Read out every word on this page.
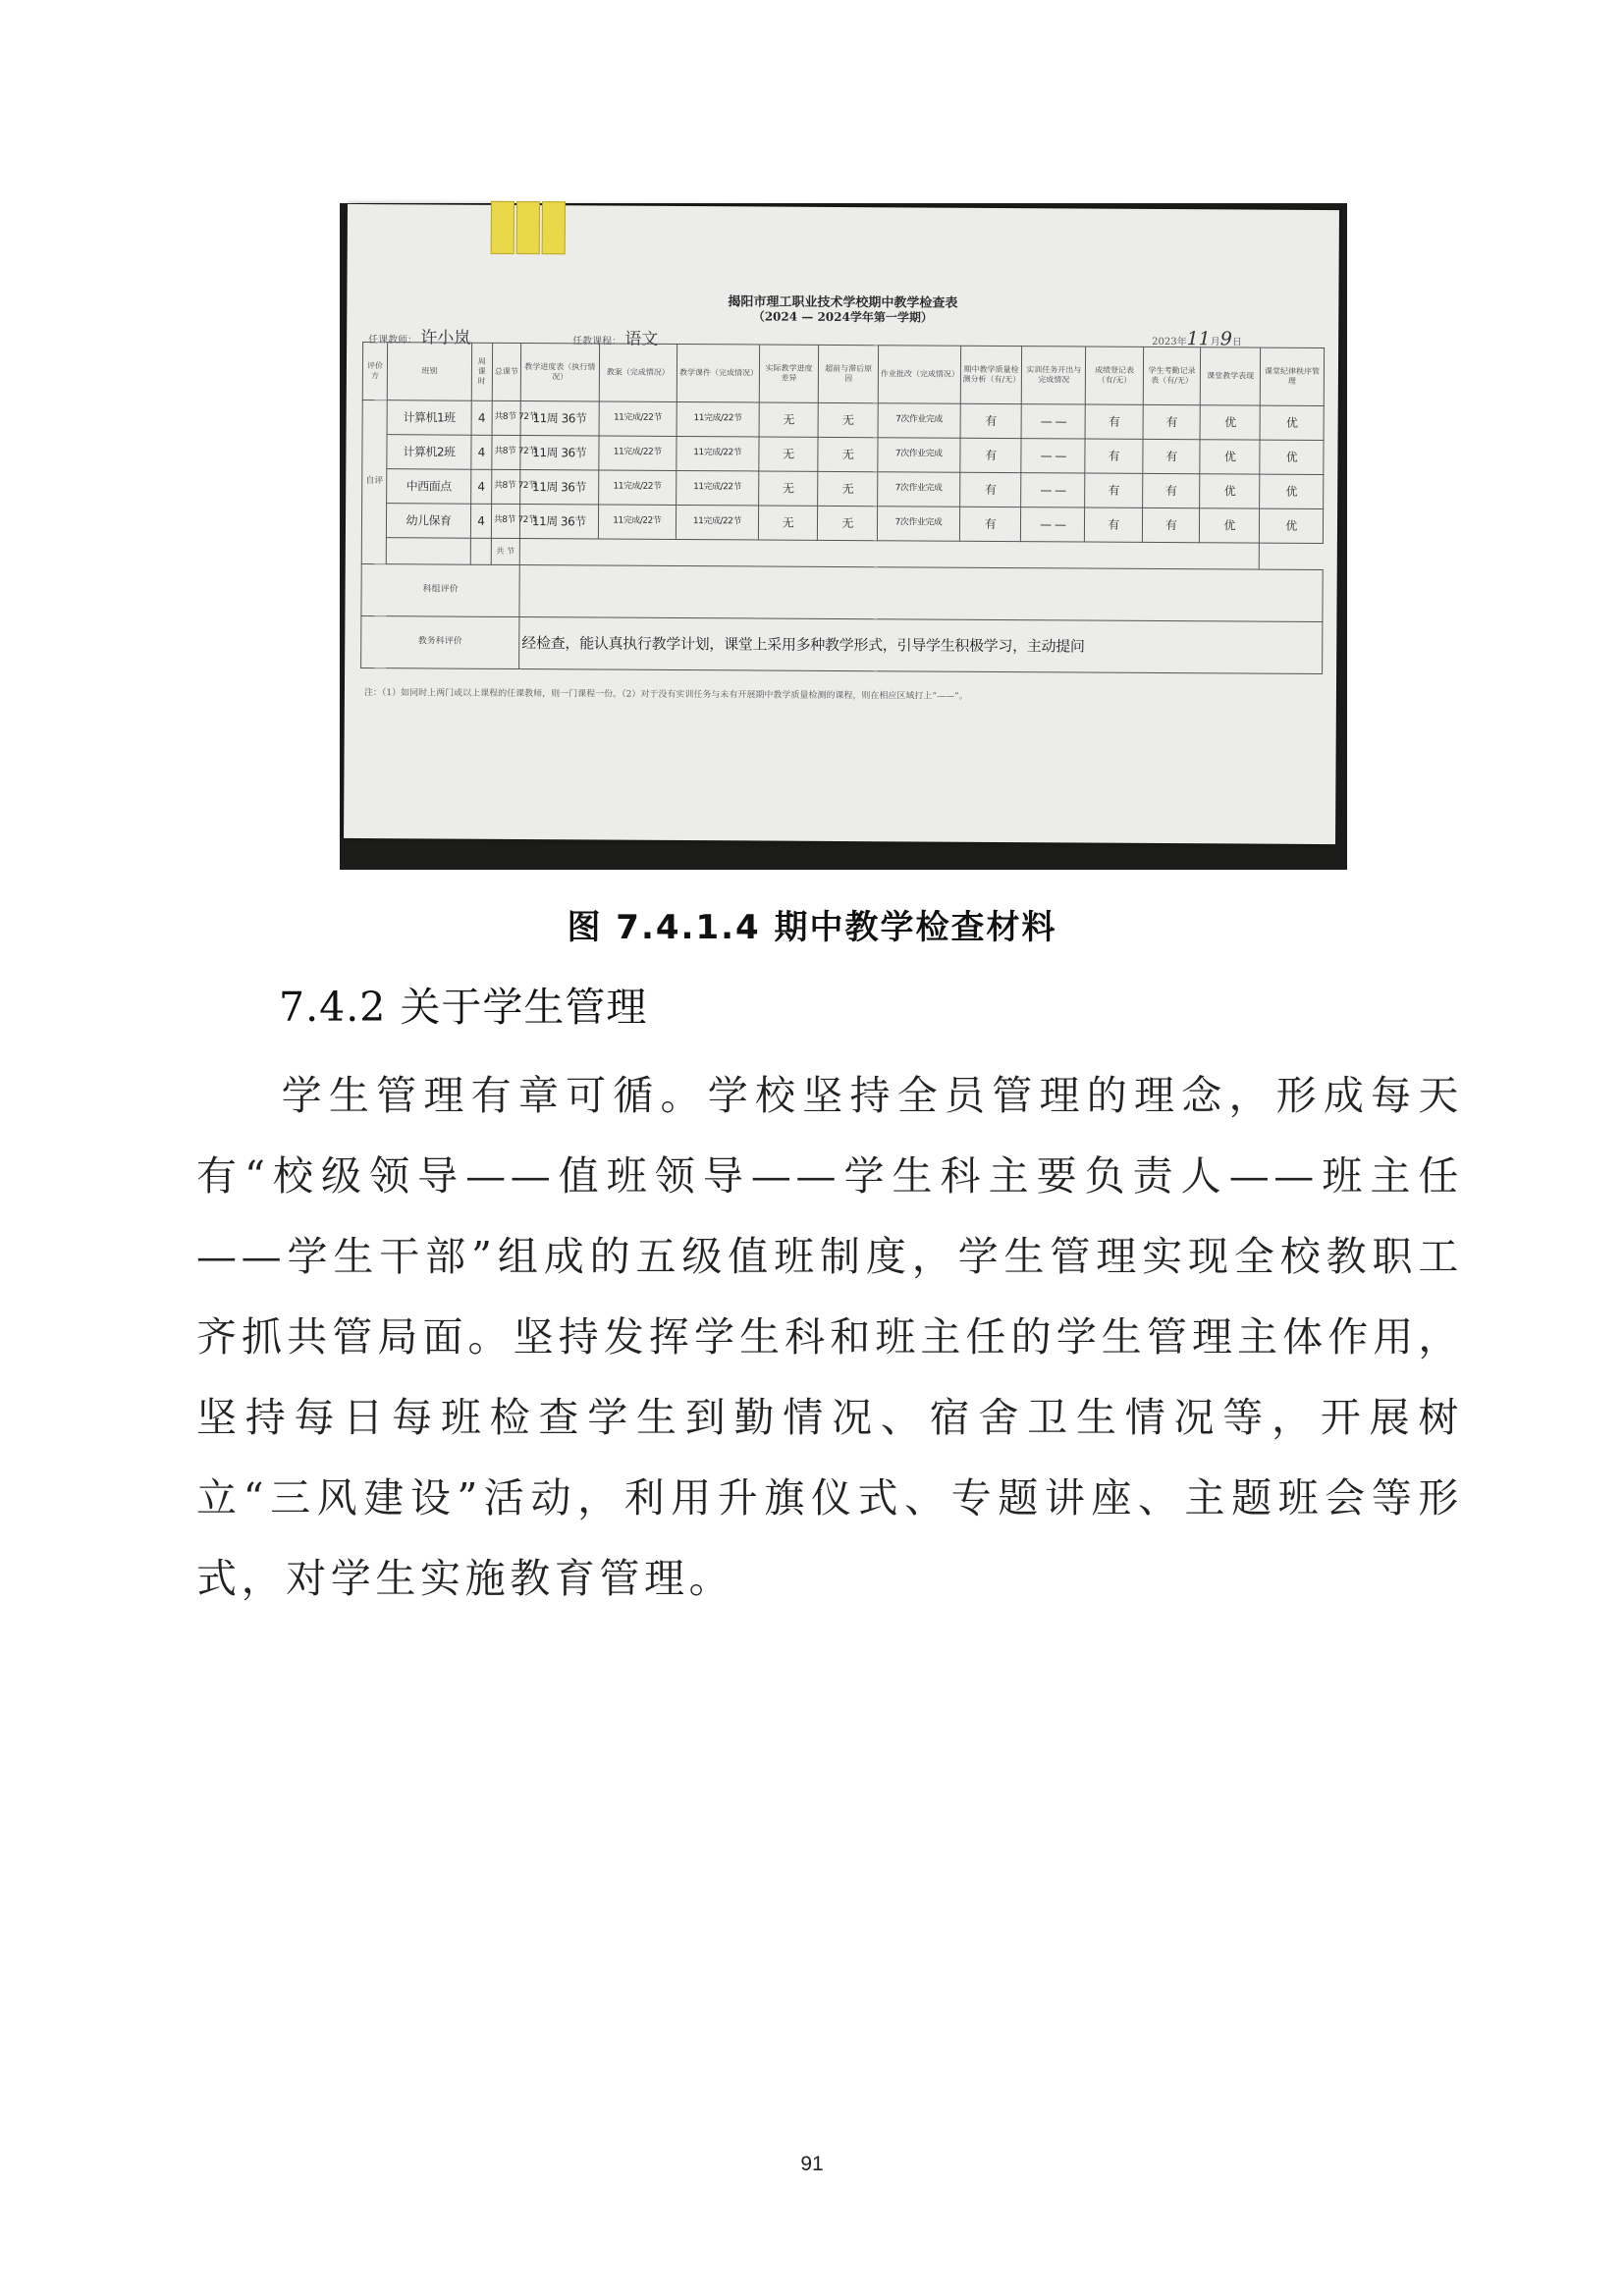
揭阳市理工职业技术学校期中教学检查表
（2024 — 2024学年第一学期）
任课教师： 许小岚	任教课程： 语文	2023年11月9日
评价方	班别	周课时	总课节	教学进度表（执行情况）	教案（完成情况）	教学课件（完成情况）	实际教学进度差异	超前与滞后原因	作业批改（完成情况）	期中教学质量检测分析（有/无）	实训任务开出与完成情况	成绩登记表（有/无）	学生考勤记录表（有/无）	课堂教学表现	课堂纪律秩序管理
自评	计算机1班	4	共8节 72节	11周 36节	11完成/22节	11完成/22节	无	无	7次作业完成	有	— —	有	有	优	优
	计算机2班	4	共8节 72节	11周 36节	11完成/22节	11完成/22节	无	无	7次作业完成	有	— —	有	有	优	优
	中西面点	4	共8节 72节	11周 36节	11完成/22节	11完成/22节	无	无	7次作业完成	有	— —	有	有	优	优
	幼儿保育	4	共8节 72节	11周 36节	11完成/22节	11完成/22节	无	无	7次作业完成	有	— —	有	有	优	优
			共 节												
科组评价															
教务科评价				经检查，能认真执行教学计划，课堂上采用多种教学形式，引导学生积极学习，主动提问											
注：（1）如同时上两门或以上课程的任课教师，则一门课程一份。（2）对于没有实训任务与未有开展期中教学质量检测的课程，则在相应区域打上“——”。
图 7.4.1.4 期中教学检查材料
7.4.2 关于学生管理
学生管理有章可循。学校坚持全员管理的理念，形成每天有“校级领导——值班领导——学生科主要负责人——班主任——学生干部”组成的五级值班制度，学生管理实现全校教职工齐抓共管局面。坚持发挥学生科和班主任的学生管理主体作用，坚持每日每班检查学生到勤情况、宿舍卫生情况等，开展树立“三风建设”活动，利用升旗仪式、专题讲座、主题班会等形式，对学生实施教育管理。
91
